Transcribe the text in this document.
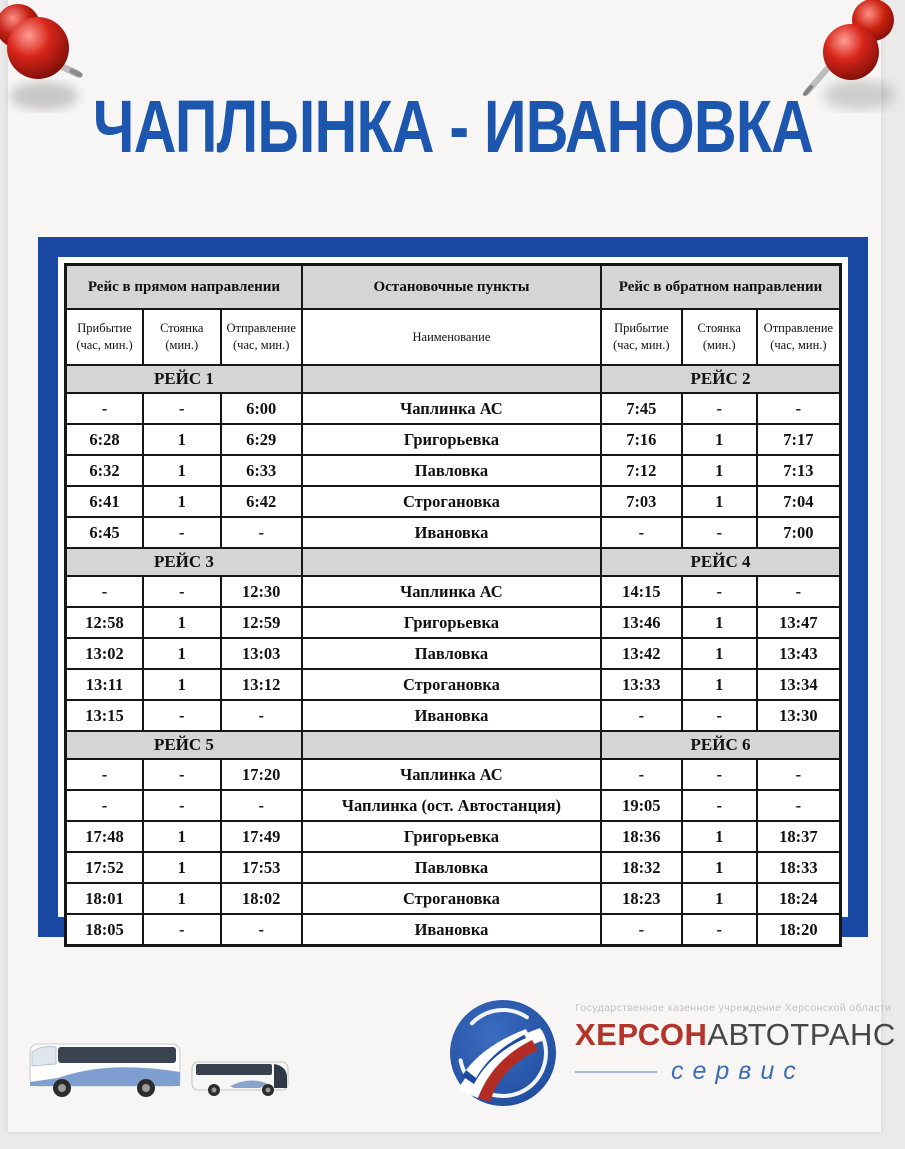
ЧАПЛЫНКА - ИВАНОВКА
Рейс в прямом направлении			Остановочные пункты	Рейс в обратном направлении		
Прибытие (час, мин.)	Стоянка (мин.)	Отправление (час, мин.)	Наименование	Прибытие (час, мин.)	Стоянка (мин.)	Отправление (час, мин.)
РЕЙС 1				РЕЙС 2		
-	-	6:00	Чаплинка АС	7:45	-	-
6:28	1	6:29	Григорьевка	7:16	1	7:17
6:32	1	6:33	Павловка	7:12	1	7:13
6:41	1	6:42	Строгановка	7:03	1	7:04
6:45	-	-	Ивановка	-	-	7:00
РЕЙС 3				РЕЙС 4		
-	-	12:30	Чаплинка АС	14:15	-	-
12:58	1	12:59	Григорьевка	13:46	1	13:47
13:02	1	13:03	Павловка	13:42	1	13:43
13:11	1	13:12	Строгановка	13:33	1	13:34
13:15	-	-	Ивановка	-	-	13:30
РЕЙС 5				РЕЙС 6		
-	-	17:20	Чаплинка АС	-	-	-
-	-	-	Чаплинка (ост. Автостанция)	19:05	-	-
17:48	1	17:49	Григорьевка	18:36	1	18:37
17:52	1	17:53	Павловка	18:32	1	18:33
18:01	1	18:02	Строгановка	18:23	1	18:24
18:05	-	-	Ивановка	-	-	18:20
Государственное казенное учреждение Херсонской области
ХЕРСОНАВТОТРАНС
сервис
